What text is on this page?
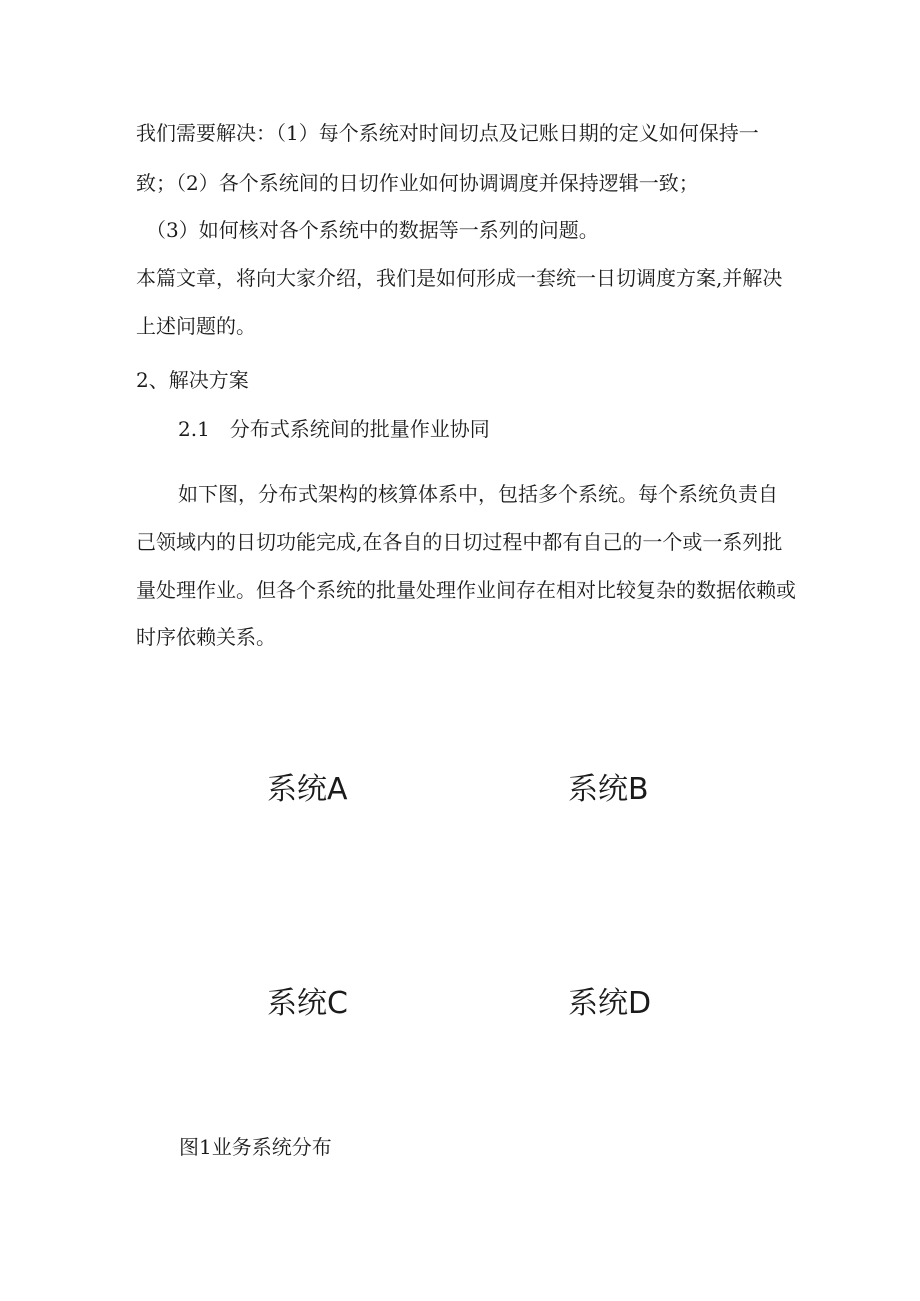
我们需要解决：（1）每个系统对时间切点及记账日期的定义如何保持一
致；（2）各个系统间的日切作业如何协调调度并保持逻辑一致；
（3）如何核对各个系统中的数据等一系列的问题。
本篇文章，将向大家介绍，我们是如何形成一套统一日切调度方案,并解决
上述问题的。
2、解决方案
2.1　分布式系统间的批量作业协同
如下图，分布式架构的核算体系中，包括多个系统。每个系统负责自
己领域内的日切功能完成,在各自的日切过程中都有自己的一个或一系列批
量处理作业。但各个系统的批量处理作业间存在相对比较复杂的数据依赖或
时序依赖关系。
系统A	系统B
系统C	系统D
图1业务系统分布
